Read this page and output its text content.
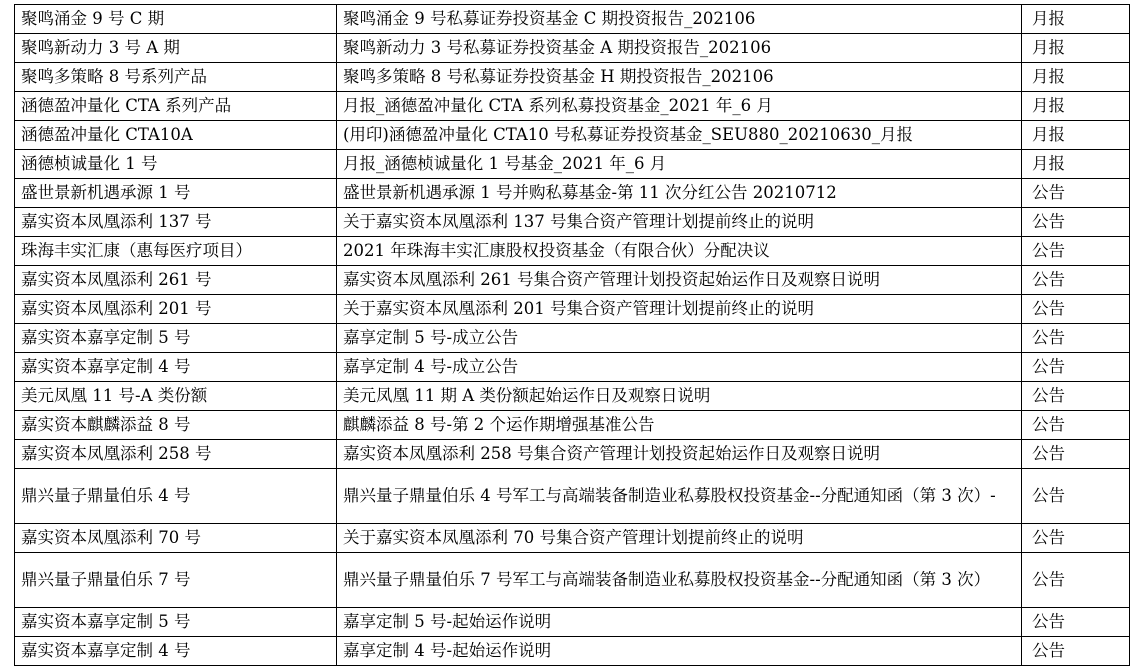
聚鸣涌金 9 号 C 期	聚鸣涌金 9 号私募证券投资基金 C 期投资报告_202106	月报
聚鸣新动力 3 号 A 期	聚鸣新动力 3 号私募证券投资基金 A 期投资报告_202106	月报
聚鸣多策略 8 号系列产品	聚鸣多策略 8 号私募证券投资基金 H 期投资报告_202106	月报
涵德盈冲量化 CTA 系列产品	月报_涵德盈冲量化 CTA 系列私募投资基金_2021 年_6 月	月报
涵德盈冲量化 CTA10A	(用印)涵德盈冲量化 CTA10 号私募证券投资基金_SEU880_20210630_月报	月报
涵德桢诚量化 1 号	月报_涵德桢诚量化 1 号基金_2021 年_6 月	月报
盛世景新机遇承源 1 号	盛世景新机遇承源 1 号并购私募基金-第 11 次分红公告 20210712	公告
嘉实资本凤凰添利 137 号	关于嘉实资本凤凰添利 137 号集合资产管理计划提前终止的说明	公告
珠海丰实汇康（惠每医疗项目）	2021 年珠海丰实汇康股权投资基金（有限合伙）分配决议	公告
嘉实资本凤凰添利 261 号	嘉实资本凤凰添利 261 号集合资产管理计划投资起始运作日及观察日说明	公告
嘉实资本凤凰添利 201 号	关于嘉实资本凤凰添利 201 号集合资产管理计划提前终止的说明	公告
嘉实资本嘉享定制 5 号	嘉享定制 5 号-成立公告	公告
嘉实资本嘉享定制 4 号	嘉享定制 4 号-成立公告	公告
美元凤凰 11 号-A 类份额	美元凤凰 11 期 A 类份额起始运作日及观察日说明	公告
嘉实资本麒麟添益 8 号	麒麟添益 8 号-第 2 个运作期增强基准公告	公告
嘉实资本凤凰添利 258 号	嘉实资本凤凰添利 258 号集合资产管理计划投资起始运作日及观察日说明	公告
鼎兴量子鼎量伯乐 4 号	鼎兴量子鼎量伯乐 4 号军工与高端装备制造业私募股权投资基金--分配通知函（第 3 次）-	公告
嘉实资本凤凰添利 70 号	关于嘉实资本凤凰添利 70 号集合资产管理计划提前终止的说明	公告
鼎兴量子鼎量伯乐 7 号	鼎兴量子鼎量伯乐 7 号军工与高端装备制造业私募股权投资基金--分配通知函（第 3 次）	公告
嘉实资本嘉享定制 5 号	嘉享定制 5 号-起始运作说明	公告
嘉实资本嘉享定制 4 号	嘉享定制 4 号-起始运作说明	公告
